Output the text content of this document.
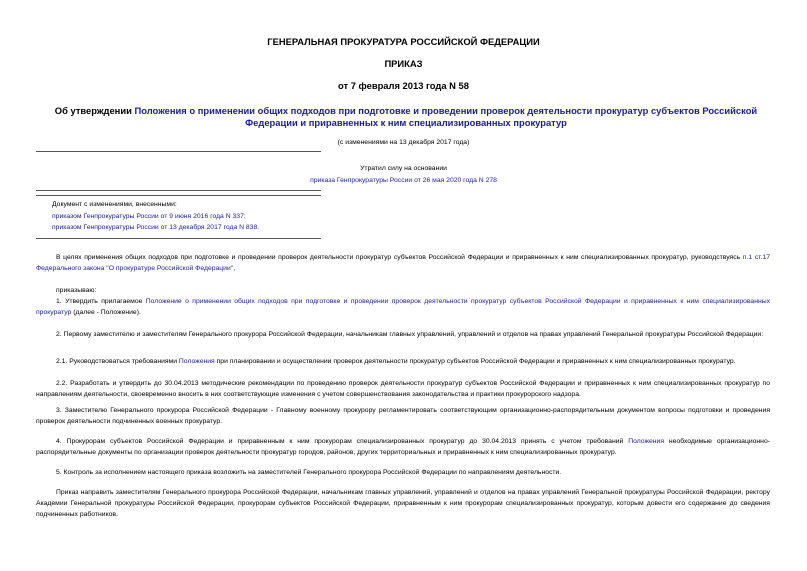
ГЕНЕРАЛЬНАЯ ПРОКУРАТУРА РОССИЙСКОЙ ФЕДЕРАЦИИ
ПРИКАЗ
от 7 февраля 2013 года N 58
Об утверждении Положения о применении общих подходов при подготовке и проведении проверок деятельности прокуратур субъектов Российской Федерации и приравненных к ним специализированных прокуратур
(с изменениями на 13 декабря 2017 года)
Утратил силу на основании
приказа Генпрокуратуры России от 26 мая 2020 года N 278
Документ с изменениями, внесенными:
приказом Генпрокуратуры России от 9 июня 2016 года N 337;
приказом Генпрокуратуры России от 13 декабря 2017 года N 838.
В целях применения общих подходов при подготовке и проведении проверок деятельности прокуратур субъектов Российской Федерации и приравненных к ним специализированных прокуратур, руководствуясь п.1 ст.17 Федерального закона "О прокуратуре Российской Федерации",
приказываю:
1. Утвердить прилагаемое Положение о применении общих подходов при подготовке и проведении проверок деятельности прокуратур субъектов Российской Федерации и приравненных к ним специализированных прокуратур (далее - Положение).
2. Первому заместителю и заместителям Генерального прокурора Российской Федерации, начальникам главных управлений, управлений и отделов на правах управлений Генеральной прокуратуры Российской Федерации:
2.1. Руководствоваться требованиями Положения при планировании и осуществлении проверок деятельности прокуратур субъектов Российской Федерации и приравненных к ним специализированных прокуратур.
2.2. Разработать и утвердить до 30.04.2013 методические рекомендации по проведению проверок деятельности прокуратур субъектов Российской Федерации и приравненных к ним специализированных прокуратур по направлениям деятельности, своевременно вносить в них соответствующие изменения с учетом совершенствования законодательства и практики прокурорского надзора.
3. Заместителю Генерального прокурора Российской Федерации - Главному военному прокурору регламентировать соответствующим организационно-распорядительным документом вопросы подготовки и проведения проверок деятельности подчиненных военных прокуратур.
4. Прокурорам субъектов Российской Федерации и приравненным к ним прокурорам специализированных прокуратур до 30.04.2013 принять с учетом требований Положения необходимые организационно-распорядительные документы по организации проверок деятельности прокуратур городов, районов, других территориальных и приравненных к ним специализированных прокуратур.
5. Контроль за исполнением настоящего приказа возложить на заместителей Генерального прокурора Российской Федерации по направлениям деятельности.
Приказ направить заместителям Генерального прокурора Российской Федерации, начальникам главных управлений, управлений и отделов на правах управлений Генеральной прокуратуры Российской Федерации, ректору Академии Генеральной прокуратуры Российской Федерации, прокурорам субъектов Российской Федерации, приравненным к ним прокурорам специализированных прокуратур, которым довести его содержание до сведения подчиненных работников.
